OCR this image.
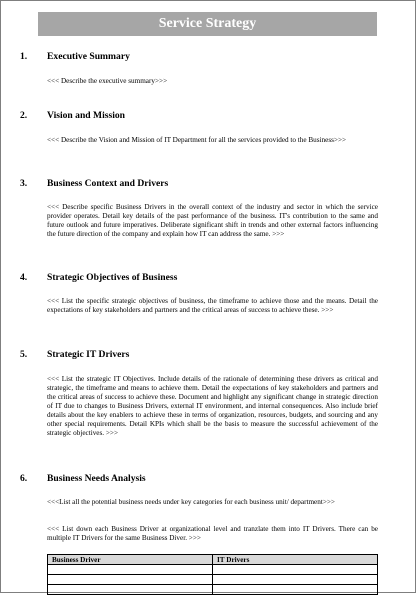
Service Strategy
1. Executive Summary

<<< Describe the executive summary>>>

2. Vision and Mission

<<< Describe the Vision and Mission of IT Department for all the services provided to the Business>>>

3. Business Context and Drivers

<<< Describe specific Business Drivers in the overall context of the industry and sector in which the service provider operates. Detail key details of the past performance of the business. IT's contribution to the same and future outlook and future imperatives. Deliberate significant shift in trends and other external factors influencing the future direction of the company and explain how IT can address the same. >>>

4. Strategic Objectives of Business

<<< List the specific strategic objectives of business, the timeframe to achieve those and the means. Detail the expectations of key stakeholders and partners and the critical areas of success to achieve these. >>>

5. Strategic IT Drivers

<<< List the strategic IT Objectives. Include details of the rationale of determining these drivers as critical and strategic, the timeframe and means to achieve them. Detail the expectations of key stakeholders and partners and the critical areas of success to achieve these. Document and highlight any significant change in strategic direction of IT due to changes to Business Drivers, external IT environment, and internal consequences. Also include brief details about the key enablers to achieve these in terms of organization, resources, budgets, and sourcing and any other special requirements. Detail KPIs which shall be the basis to measure the successful achievement of the strategic objectives. >>>

6. Business Needs Analysis

<<<List all the potential business needs under key categories for each business unit/ department>>>

<<< List down each Business Driver at organizational level and tranzlate them into IT Drivers. There can be multiple IT Drivers for the same Business Diver. >>>

Business Driver	IT Drivers
